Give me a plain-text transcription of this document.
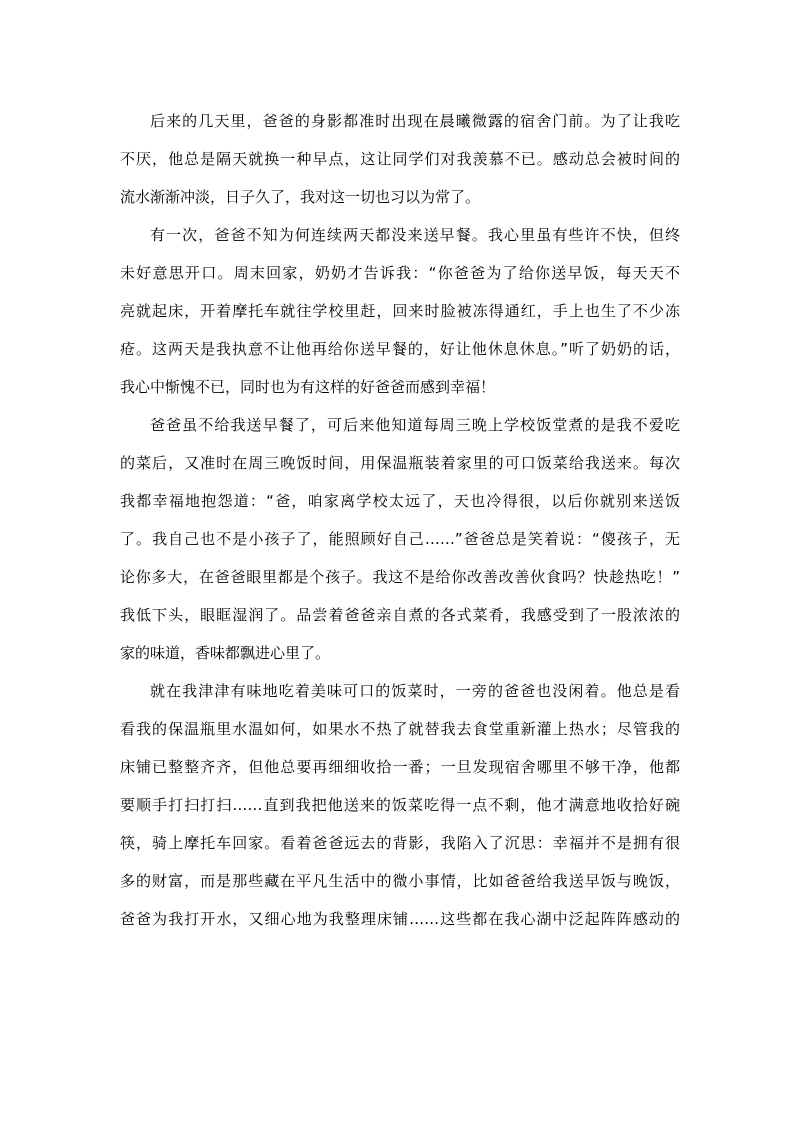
后来的几天里，爸爸的身影都准时出现在晨曦微露的宿舍门前。为了让我吃
不厌，他总是隔天就换一种早点，这让同学们对我羡慕不已。感动总会被时间的
流水渐渐冲淡，日子久了，我对这一切也习以为常了。
有一次，爸爸不知为何连续两天都没来送早餐。我心里虽有些许不快，但终
未好意思开口。周末回家，奶奶才告诉我：“你爸爸为了给你送早饭，每天天不
亮就起床，开着摩托车就往学校里赶，回来时脸被冻得通红，手上也生了不少冻
疮。这两天是我执意不让他再给你送早餐的，好让他休息休息。”听了奶奶的话，
我心中惭愧不已，同时也为有这样的好爸爸而感到幸福！
爸爸虽不给我送早餐了，可后来他知道每周三晚上学校饭堂煮的是我不爱吃
的菜后，又准时在周三晚饭时间，用保温瓶装着家里的可口饭菜给我送来。每次
我都幸福地抱怨道：“爸，咱家离学校太远了，天也冷得很，以后你就别来送饭
了。我自己也不是小孩子了，能照顾好自己……”爸爸总是笑着说：“傻孩子，无
论你多大，在爸爸眼里都是个孩子。我这不是给你改善改善伙食吗？快趁热吃！”
我低下头，眼眶湿润了。品尝着爸爸亲自煮的各式菜肴，我感受到了一股浓浓的
家的味道，香味都飘进心里了。
就在我津津有味地吃着美味可口的饭菜时，一旁的爸爸也没闲着。他总是看
看我的保温瓶里水温如何，如果水不热了就替我去食堂重新灌上热水；尽管我的
床铺已整整齐齐，但他总要再细细收拾一番；一旦发现宿舍哪里不够干净，他都
要顺手打扫打扫……直到我把他送来的饭菜吃得一点不剩，他才满意地收拾好碗
筷，骑上摩托车回家。看着爸爸远去的背影，我陷入了沉思：幸福并不是拥有很
多的财富，而是那些藏在平凡生活中的微小事情，比如爸爸给我送早饭与晚饭，
爸爸为我打开水，又细心地为我整理床铺……这些都在我心湖中泛起阵阵感动的
